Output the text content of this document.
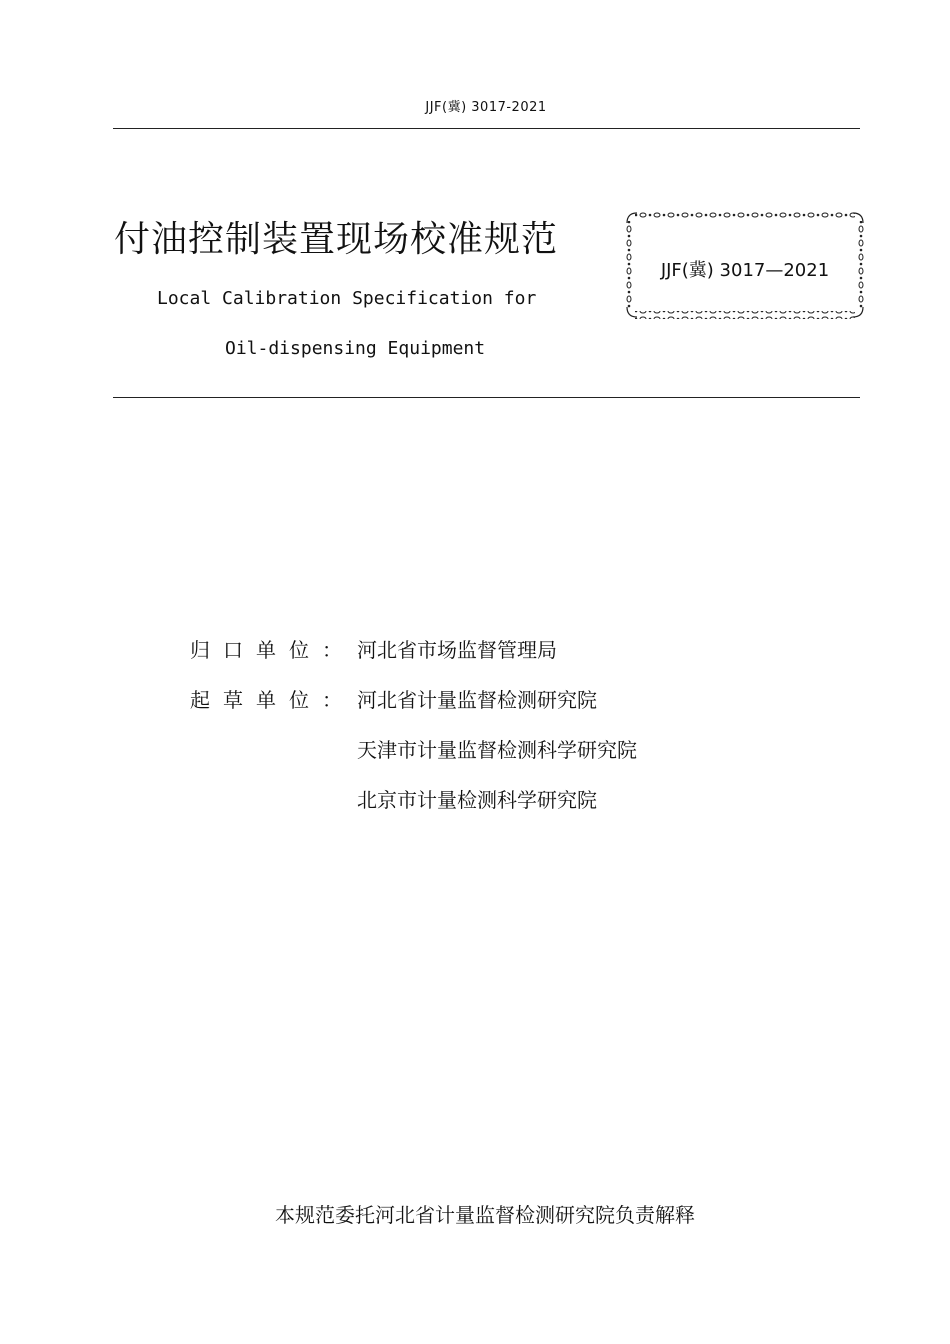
JJF(冀) 3017-2021
付油控制装置现场校准规范
Local Calibration Specification for
Oil-dispensing Equipment
JJF(冀) 3017—2021
归口单位： 河北省市场监督管理局
起草单位： 河北省计量监督检测研究院
天津市计量监督检测科学研究院
北京市计量检测科学研究院
本规范委托河北省计量监督检测研究院负责解释
